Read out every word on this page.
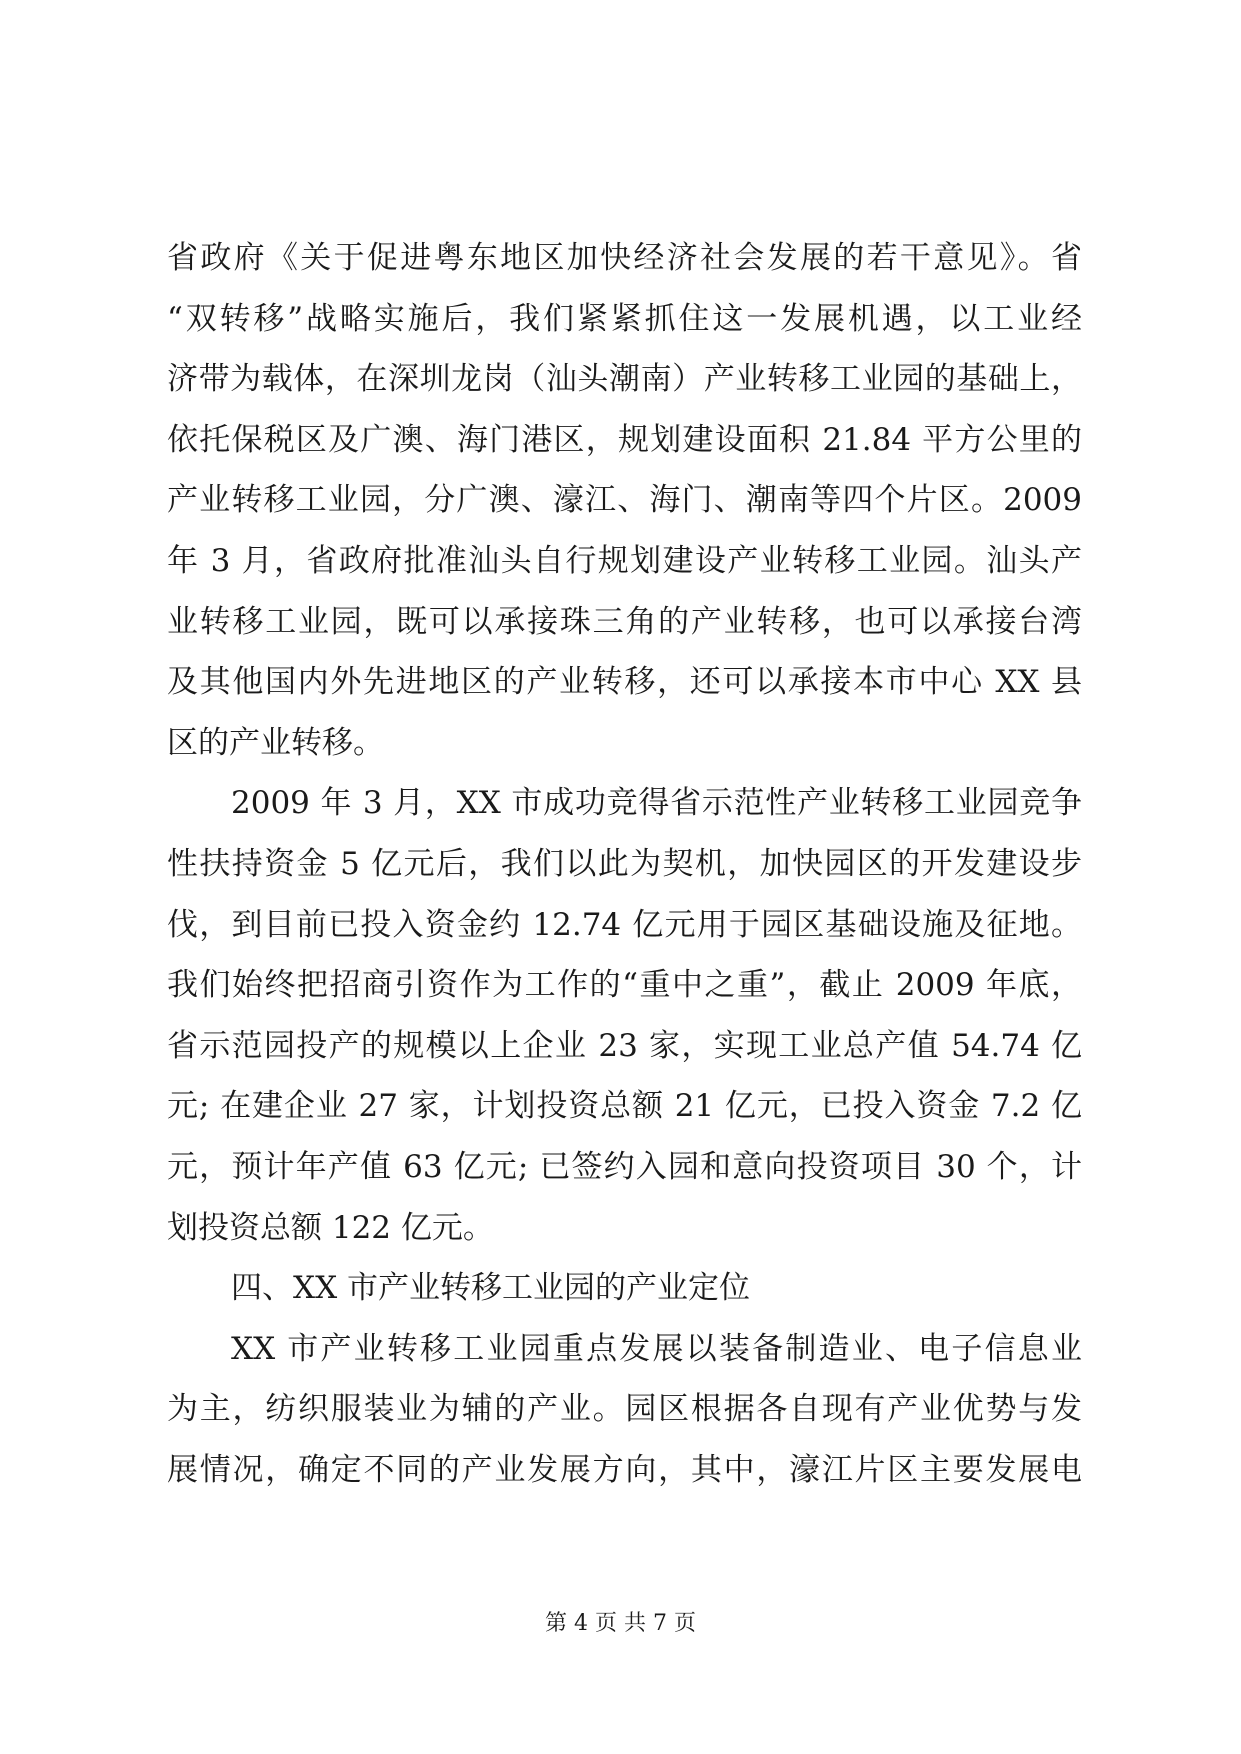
省政府《关于促进粤东地区加快经济社会发展的若干意见》。省
“双转移”战略实施后，我们紧紧抓住这一发展机遇，以工业经
济带为载体，在深圳龙岗（汕头潮南）产业转移工业园的基础上，
依托保税区及广澳、海门港区，规划建设面积 21.84 平方公里的
产业转移工业园，分广澳、濠江、海门、潮南等四个片区。2009
年 3 月，省政府批准汕头自行规划建设产业转移工业园。汕头产
业转移工业园，既可以承接珠三角的产业转移，也可以承接台湾
及其他国内外先进地区的产业转移，还可以承接本市中心 XX 县
区的产业转移。
2009 年 3 月，XX 市成功竞得省示范性产业转移工业园竞争
性扶持资金 5 亿元后，我们以此为契机，加快园区的开发建设步
伐，到目前已投入资金约 12.74 亿元用于园区基础设施及征地。
我们始终把招商引资作为工作的“重中之重”，截止 2009 年底，
省示范园投产的规模以上企业 23 家，实现工业总产值 54.74 亿
元; 在建企业 27 家，计划投资总额 21 亿元，已投入资金 7.2 亿
元，预计年产值 63 亿元; 已签约入园和意向投资项目 30 个，计
划投资总额 122 亿元。
四、XX 市产业转移工业园的产业定位
XX 市产业转移工业园重点发展以装备制造业、电子信息业
为主，纺织服装业为辅的产业。园区根据各自现有产业优势与发
展情况，确定不同的产业发展方向，其中，濠江片区主要发展电
第 4 页 共 7 页
